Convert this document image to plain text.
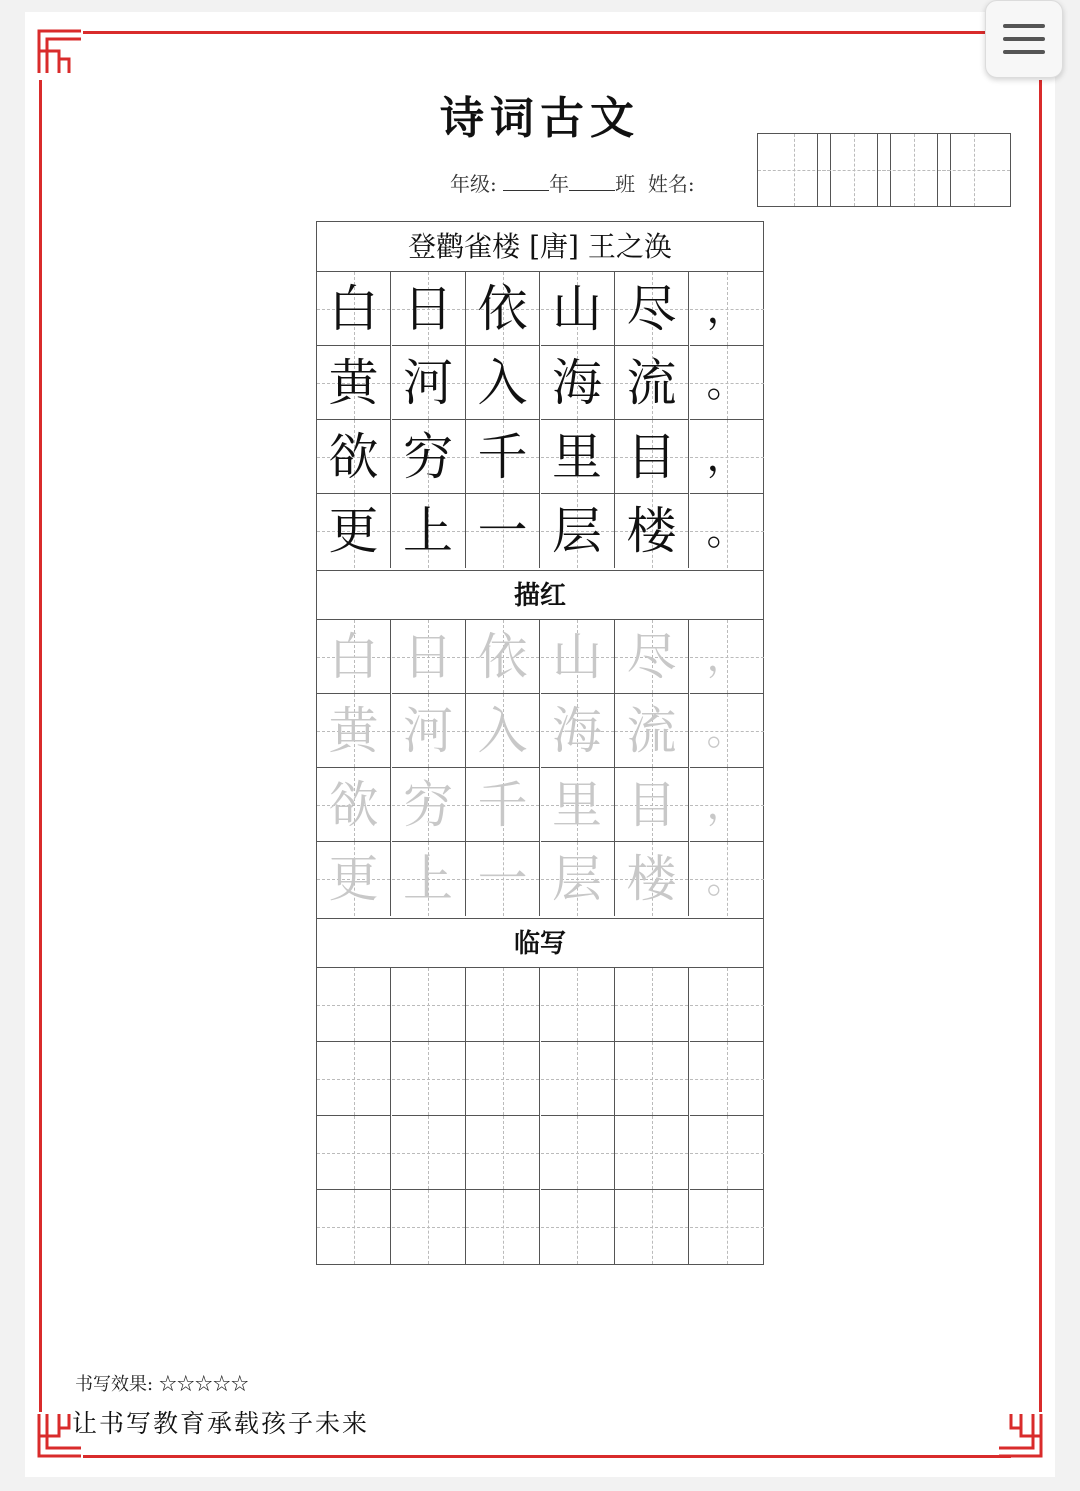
书写效果: ☆☆☆☆☆
让书写教育承载孩子未来
诗词古文
年级:	年 班 姓名:
登鹳雀楼 [唐] 王之涣
白 日 依 山 尽 ，
黄 河 入 海 流 。
欲 穷 千 里 目 ，
更 上 一 层 楼 。
描红
白 日 依 山 尽 ，
黄 河 入 海 流 。
欲 穷 千 里 目 ，
更 上 一 层 楼 。
临写
